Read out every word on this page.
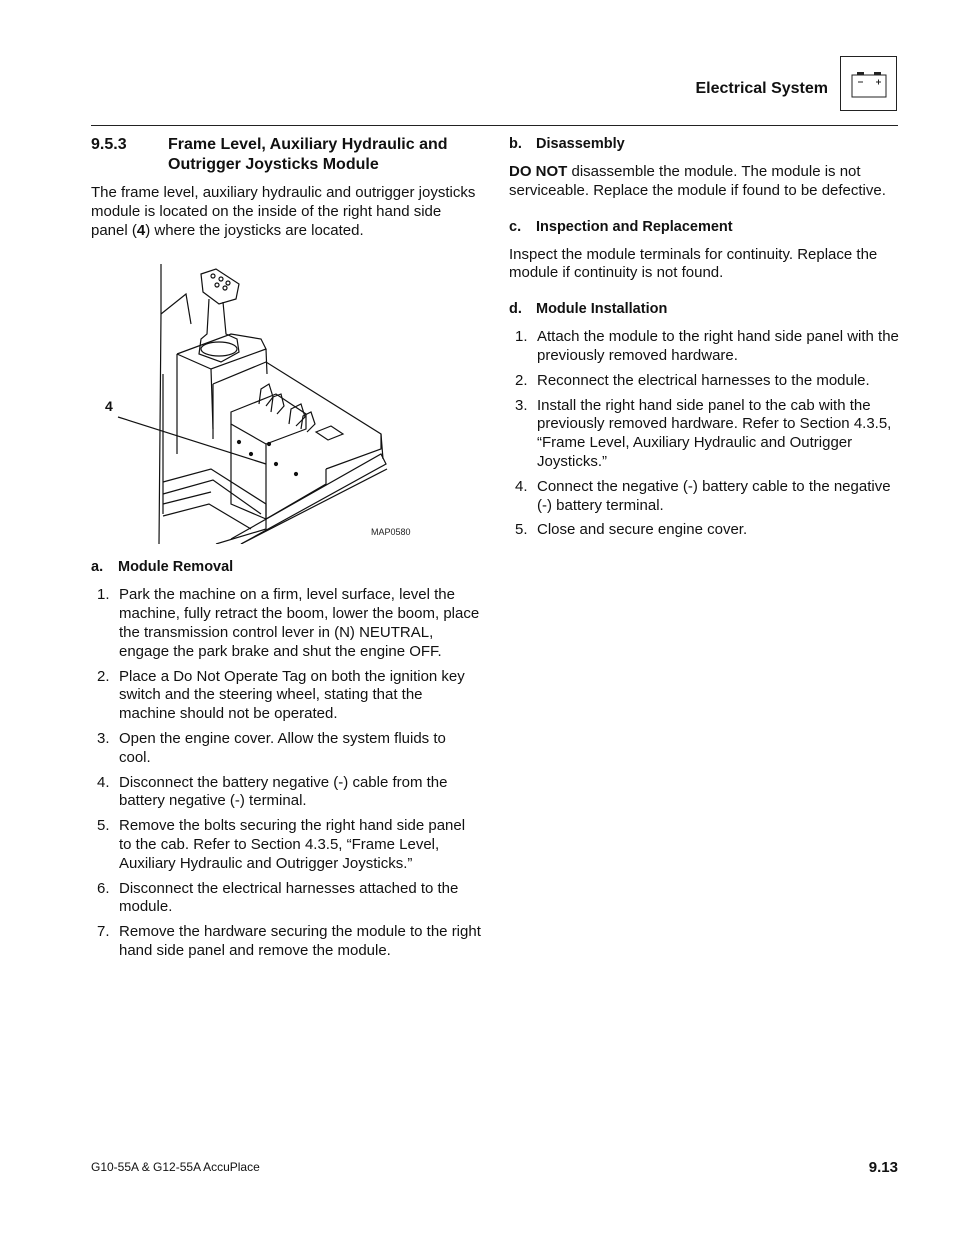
Electrical System
9.5.3	Frame Level, Auxiliary Hydraulic and Outrigger Joysticks Module

The frame level, auxiliary hydraulic and outrigger joysticks module is located on the inside of the right hand side panel (4) where the joysticks are located.

4
MAP0580
a. Module Removal
1. Park the machine on a firm, level surface, level the machine, fully retract the boom, lower the boom, place the transmission control lever in (N) NEUTRAL, engage the park brake and shut the engine OFF.
2. Place a Do Not Operate Tag on both the ignition key switch and the steering wheel, stating that the machine should not be operated.
3. Open the engine cover. Allow the system fluids to cool.
4. Disconnect the battery negative (-) cable from the battery negative (-) terminal.
5. Remove the bolts securing the right hand side panel to the cab. Refer to Section 4.3.5, “Frame Level, Auxiliary Hydraulic and Outrigger Joysticks.”
6. Disconnect the electrical harnesses attached to the module.
7. Remove the hardware securing the module to the right hand side panel and remove the module.
b. Disassembly

DO NOT disassemble the module. The module is not serviceable. Replace the module if found to be defective.

c. Inspection and Replacement

Inspect the module terminals for continuity. Replace the module if continuity is not found.

d. Module Installation
1. Attach the module to the right hand side panel with the previously removed hardware.
2. Reconnect the electrical harnesses to the module.
3. Install the right hand side panel to the cab with the previously removed hardware. Refer to Section 4.3.5, “Frame Level, Auxiliary Hydraulic and Outrigger Joysticks.”
4. Connect the negative (-) battery cable to the negative (-) battery terminal.
5. Close and secure engine cover.
G10-55A & G12-55A AccuPlace	9.13
